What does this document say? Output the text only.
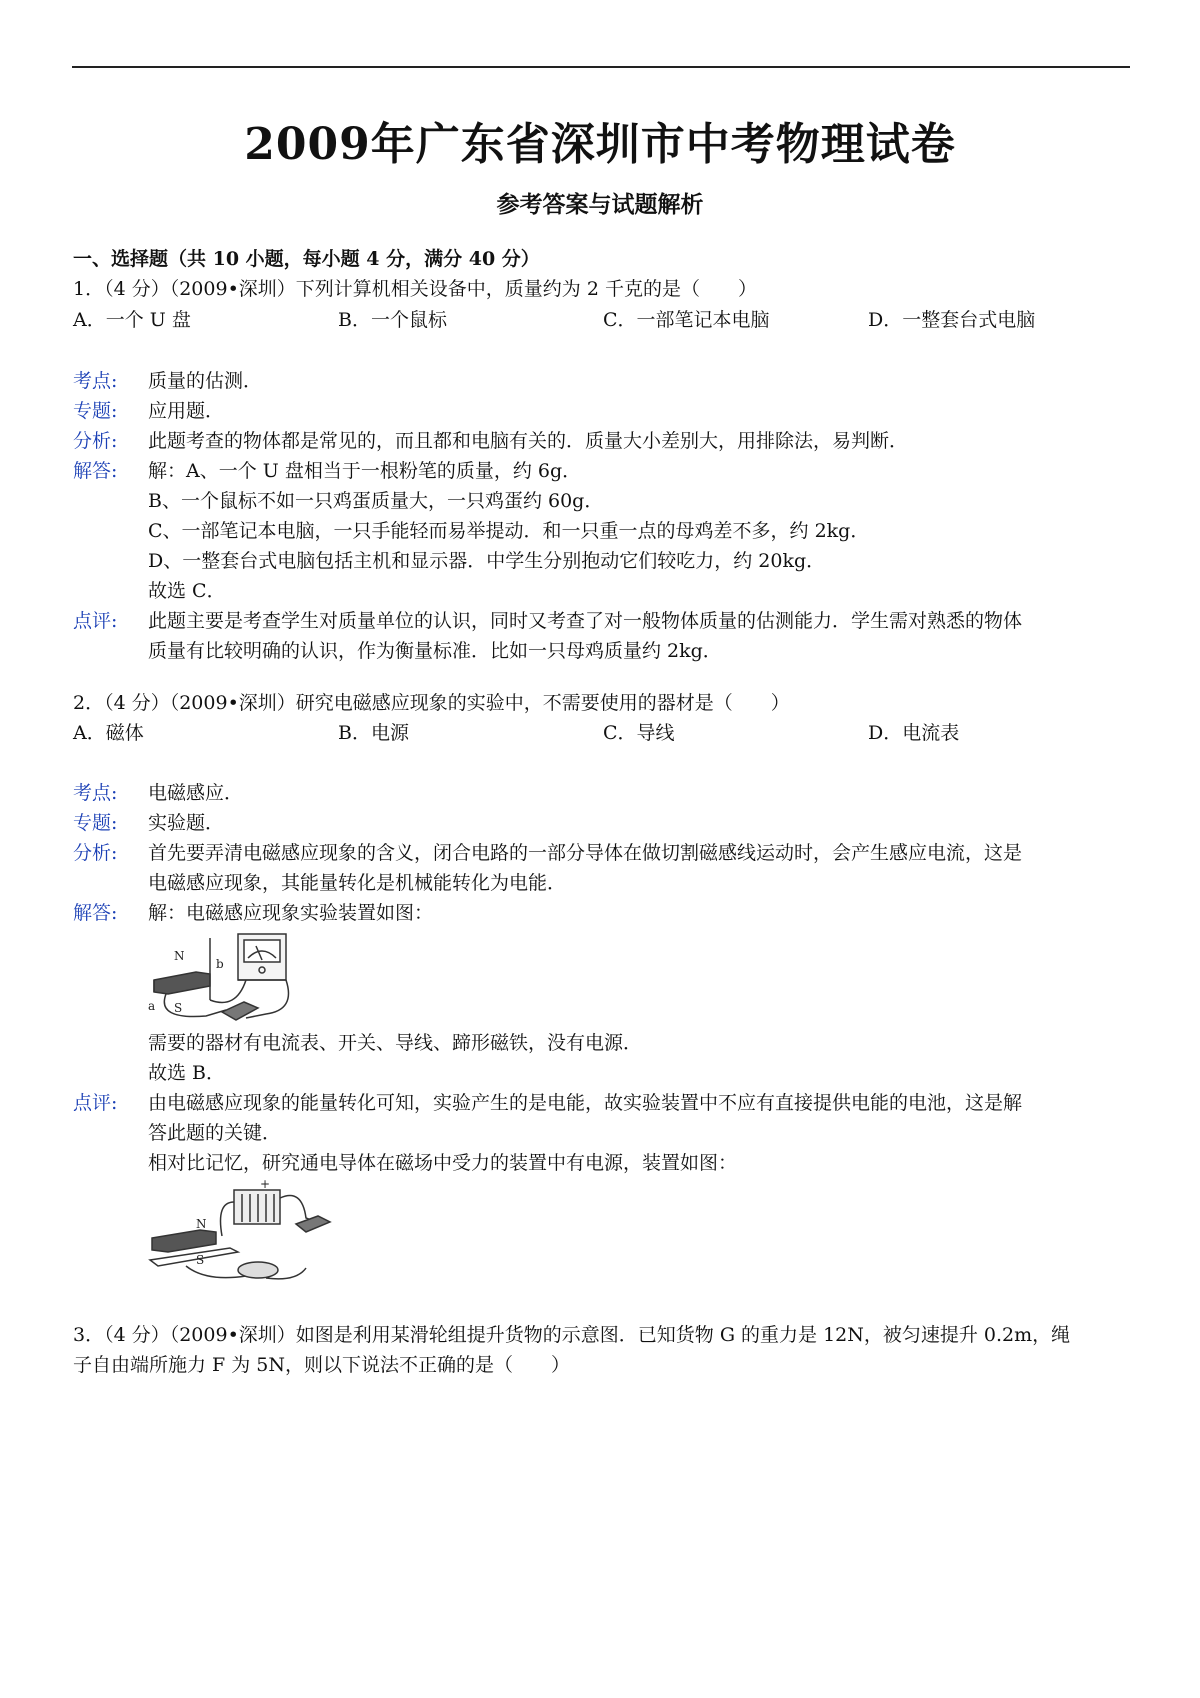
2009年广东省深圳市中考物理试卷
参考答案与试题解析
一、选择题（共 10 小题，每小题 4 分，满分 40 分）
1．（4 分）（2009•深圳）下列计算机相关设备中，质量约为 2 千克的是（　　）
A．一个 U 盘	B．一个鼠标	C．一部笔记本电脑	D．一整套台式电脑
考点: 质量的估测．
专题: 应用题．
分析: 此题考查的物体都是常见的，而且都和电脑有关的．质量大小差别大，用排除法，易判断．
解答: 解：A、一个 U 盘相当于一根粉笔的质量，约 6g．
B、一个鼠标不如一只鸡蛋质量大，一只鸡蛋约 60g．
C、一部笔记本电脑，一只手能轻而易举提动．和一只重一点的母鸡差不多，约 2kg．
D、一整套台式电脑包括主机和显示器．中学生分别抱动它们较吃力，约 20kg．
故选 C．
点评: 此题主要是考查学生对质量单位的认识，同时又考查了对一般物体质量的估测能力．学生需对熟悉的物体
质量有比较明确的认识，作为衡量标准．比如一只母鸡质量约 2kg．
2．（4 分）（2009•深圳）研究电磁感应现象的实验中，不需要使用的器材是（　　）
A．磁体	B．电源	C．导线	D．电流表
考点: 电磁感应．
专题: 实验题．
分析: 首先要弄清电磁感应现象的含义，闭合电路的一部分导体在做切割磁感线运动时，会产生感应电流，这是
电磁感应现象，其能量转化是机械能转化为电能．
解答: 解：电磁感应现象实验装置如图：
N
b
a S
需要的器材有电流表、开关、导线、蹄形磁铁，没有电源．
故选 B．
点评: 由电磁感应现象的能量转化可知，实验产生的是电能，故实验装置中不应有直接提供电能的电池，这是解
答此题的关键．
相对比记忆，研究通电导体在磁场中受力的装置中有电源，装置如图：
+
N
S
3．（4 分）（2009•深圳）如图是利用某滑轮组提升货物的示意图．已知货物 G 的重力是 12N，被匀速提升 0.2m，绳
子自由端所施力 F 为 5N，则以下说法不正确的是（　　）
